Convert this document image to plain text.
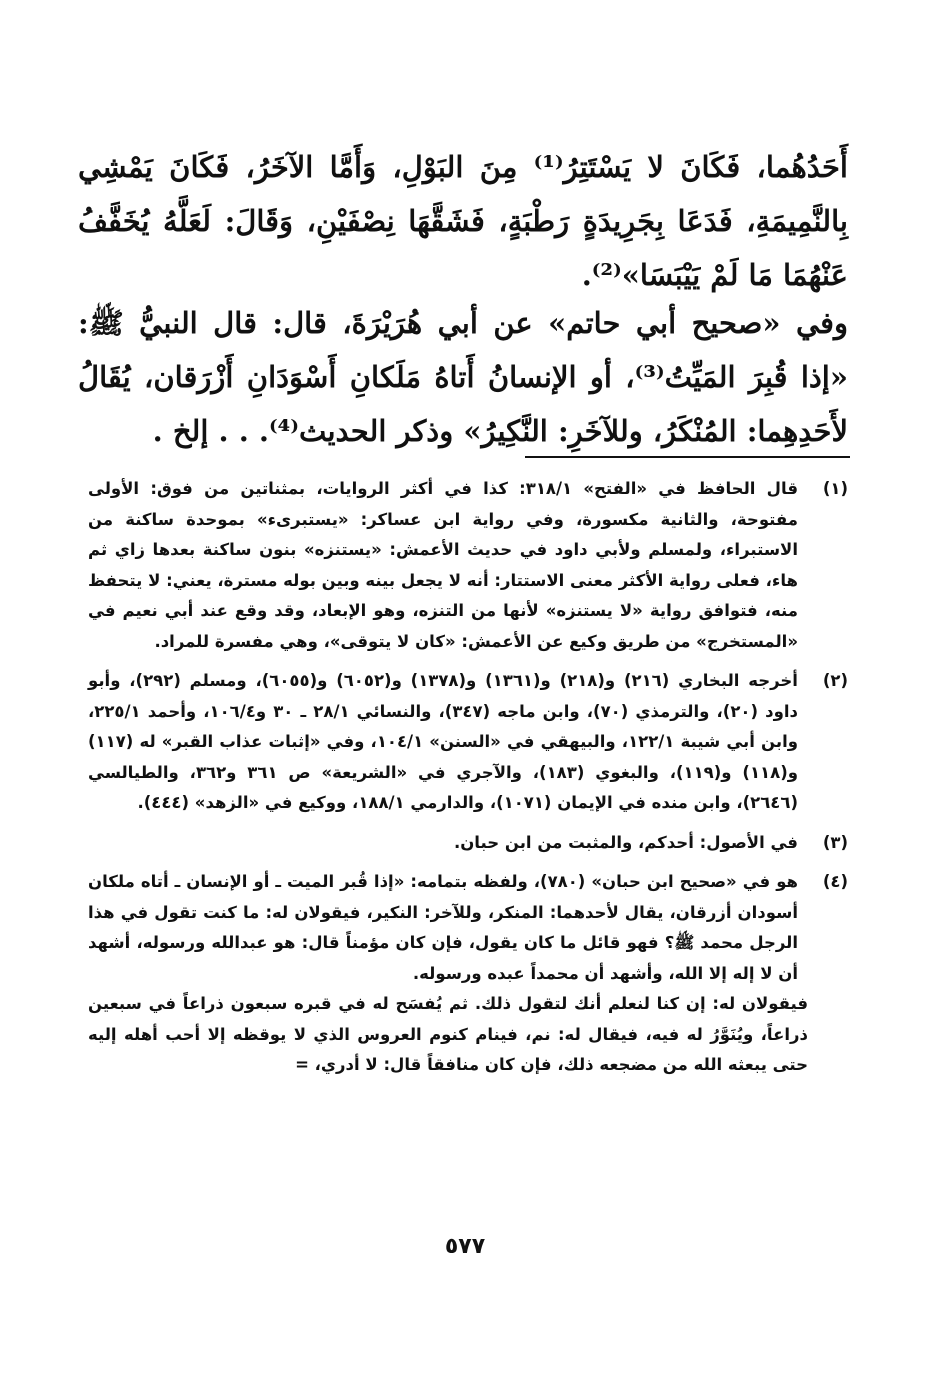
أَحَدُهُما، فَكَانَ لا يَسْتَتِرُ⁽¹⁾ مِنَ البَوْلِ، وَأَمَّا الآخَرُ، فَكَانَ يَمْشِي بِالنَّمِيمَةِ، فَدَعَا بِجَرِيدَةٍ رَطْبَةٍ، فَشَقَّهَا نِصْفَيْنِ، وَقَالَ: لَعَلَّهُ يُخَفَّفُ عَنْهُمَا مَا لَمْ يَيْبَسَا»⁽²⁾.

وفي «صحيح أبي حاتم» عن أبي هُرَيْرَةَ، قال: قال النبيُّ ﷺ: «إذا قُبِرَ المَيِّتُ⁽³⁾، أو الإنسانُ أَتاهُ مَلَكانِ أَسْوَدَانِ أَزْرَقان، يُقَالُ لأَحَدِهِما: المُنْكَرُ، وللآخَرِ: النَّكِيرُ» وذكر الحديث⁽⁴⁾. . . إلخ .

(١)
قال الحافظ في «الفتح» ٣١٨/١: كذا في أكثر الروايات، بمثناتين من فوق: الأولى مفتوحة، والثانية مكسورة، وفي رواية ابن عساكر: «يستبرىء» بموحدة ساكنة من الاستبراء، ولمسلم ولأبي داود في حديث الأعمش: «يستنزه» بنون ساكنة بعدها زاي ثم هاء، فعلى رواية الأكثر معنى الاستتار: أنه لا يجعل بينه وبين بوله مسترة، يعني: لا يتحفظ منه، فتوافق رواية «لا يستنزه» لأنها من التنزه، وهو الإبعاد، وقد وقع عند أبي نعيم في «المستخرج» من طريق وكيع عن الأعمش: «كان لا يتوقى»، وهي مفسرة للمراد.
(٢)
أخرجه البخاري (٢١٦) و(٢١٨) و(١٣٦١) و(١٣٧٨) و(٦٠٥٢) و(٦٠٥٥)، ومسلم (٢٩٢)، وأبو داود (٢٠)، والترمذي (٧٠)، وابن ماجه (٣٤٧)، والنسائي ٢٨/١ ـ ٣٠ و١٠٦/٤، وأحمد ٢٢٥/١، وابن أبي شيبة ١٢٢/١، والبيهقي في «السنن» ١٠٤/١، وفي «إثبات عذاب القبر» له (١١٧) و(١١٨) و(١١٩)، والبغوي (١٨٣)، والآجري في «الشريعة» ص ٣٦١ و٣٦٢، والطيالسي (٢٦٤٦)، وابن منده في الإيمان (١٠٧١)، والدارمي ١٨٨/١، ووكيع في «الزهد» (٤٤٤).
(٣)
في الأصول: أحدكم، والمثبت من ابن حبان.
(٤)
هو في «صحيح ابن حبان» (٧٨٠)، ولفظه بتمامه: «إذا قُبر الميت ـ أو الإنسان ـ أتاه ملكان أسودان أزرقان، يقال لأحدهما: المنكر، وللآخر: النكير، فيقولان له: ما كنت تقول في هذا الرجل محمد ﷺ؟ فهو قائل ما كان يقول، فإن كان مؤمناً قال: هو عبدالله ورسوله، أشهد أن لا إله إلا الله، وأشهد أن محمداً عبده ورسوله.

فيقولان له: إن كنا لنعلم أنك لتقول ذلك. ثم يُفسَح له في قبره سبعون ذراعاً في سبعين ذراعاً، ويُنَوَّرُ له فيه، فيقال له: نم، فينام كنوم العروس الذي لا يوقظه إلا أحب أهله إليه حتى يبعثه الله من مضجعه ذلك، فإن كان منافقاً قال: لا أدري، =

٥٧٧
